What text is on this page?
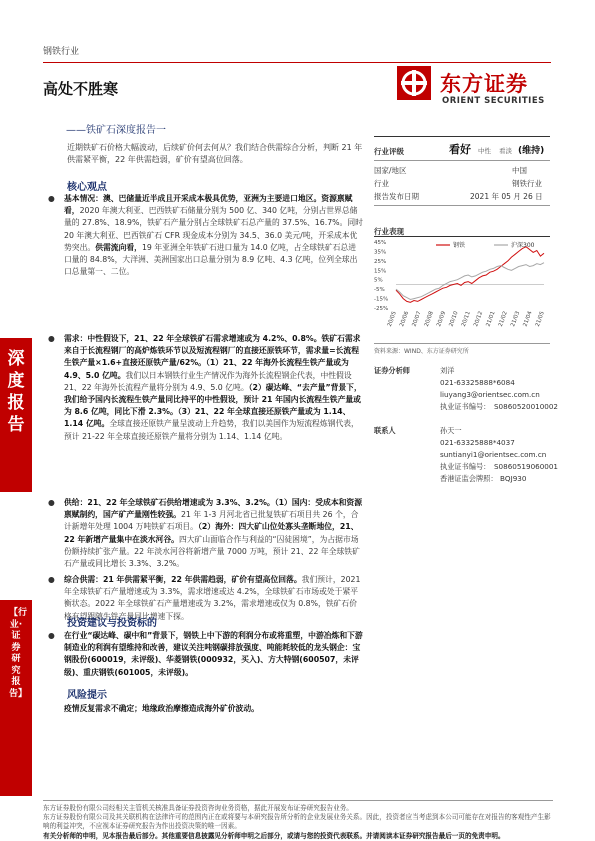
钢铁行业
高处不胜寒
——铁矿石深度报告一
近期铁矿石价格大幅波动，后续矿价何去何从？我们结合供需综合分析，判断 21 年供需紧平衡，22 年供需趋弱，矿价有望高位回落。
东方证券
ORIENT SECURITIES
行业评级	看好 中性 看淡 (维持)
国家/地区	中国
行业	钢铁行业
报告发布日期	2021 年 05 月 26 日
行业表现
45%
35%
25%
15%
5%
-5%
-15%
-25%
20/05 20/06 20/07 20/08 20/09 20/10 20/11 20/12 21/01 21/02 21/03 21/04 21/05
钢铁	沪深300
资料来源：WIND、东方证券研究所
证券分析师	刘洋
021-63325888*6084
liuyang3@orientsec.com.cn
执业证书编号： S0860520010002
联系人	孙天一
021-63325888*4037
suntianyi1@orientsec.com.cn
执业证书编号： S0860519060001
香港证监会牌照： BQJ930
核心观点
● 基本情况：澳、巴储量近半成且开采成本极具优势，亚洲为主要进口地区。资源禀赋看，2020 年澳大利亚、巴西铁矿石储量分别为 500 亿、340 亿吨，分别占世界总储量的 27.8%、18.9%，铁矿石产量分别占全球铁矿石总产量的 37.5%、16.7%。同时 20 年澳大利亚、巴西铁矿石 CFR 现金成本分别为 34.5、36.0 美元/吨，开采成本优势突出。供需流向看，19 年亚洲全年铁矿石进口量为 14.0 亿吨，占全球铁矿石总进口量的 84.8%，大洋洲、美洲国家出口总量分别为 8.9 亿吨、4.3 亿吨，位列全球出口总量第一、二位。
● 需求：中性假设下，21、22 年全球铁矿石需求增速或为 4.2%、0.8%。铁矿石需求来自于长流程钢厂的高炉炼铁环节以及短流程钢厂的直接还原铁环节，需求量=长流程生铁产量×1.6+直接还原铁产量/62%。（1）21、22 年海外长流程生铁产量或为 4.9、5.0 亿吨。我们以日本钢铁行业生产情况作为海外长流程钢企代表，中性假设 21、22 年海外长流程产量将分别为 4.9、5.0 亿吨。（2）碳达峰、“去产量”背景下，我们给予国内长流程生铁产量同比持平的中性假设，预计 21 年国内长流程生铁产量或为 8.6 亿吨，同比下滑 2.3%。（3）21、22 年全球直接还原铁产量或为 1.14、1.14 亿吨。全球直接还原铁产量呈波动上升趋势，我们以美国作为短流程炼钢代表，预计 21-22 年全球直接还原铁产量将分别为 1.14、1.14 亿吨。
● 供给：21、22 年全球铁矿石供给增速或为 3.3%、3.2%。（1）国内：受成本和资源禀赋制约，国产矿产量刚性较强。21 年 1-3 月河北省已批复铁矿石项目共 26 个，合计新增年处理 1004 万吨铁矿石项目。（2）海外：四大矿山位处寡头垄断地位，21、22 年新增产量集中在淡水河谷。四大矿山面临合作与利益的“囚徒困境”，为占据市场份额持续扩张产量。22 年淡水河谷将新增产量 7000 万吨，预计 21、22 年全球铁矿石产量或同比增长 3.3%、3.2%。
● 综合供需：21 年供需紧平衡，22 年供需趋弱，矿价有望高位回落。我们预计，2021 年全球铁矿石产量增速或为 3.3%，需求增速或达 4.2%，全球铁矿石市场或处于紧平衡状态。2022 年全球铁矿石产量增速或为 3.2%，需求增速或仅为 0.8%，铁矿石价格有望跟随生铁产量同比增速下探。
投资建议与投资标的
● 在行业“碳达峰、碳中和”背景下，钢铁上中下游的利润分布或将重塑，中游冶炼和下游制造业的利润有望维持和改善，建议关注吨钢碳排放强度、吨能耗较低的龙头钢企：宝钢股份(600019，未评级)、华菱钢铁(000932，买入)、方大特钢(600507，未评级)、重庆钢铁(601005，未评级)。
风险提示
疫情反复需求不确定；地缘政治摩擦造成海外矿价波动。
深度报告
【行业·证券研究报告】
东方证券股份有限公司经相关主管机关核准具备证券投资咨询业务资格，据此开展发布证券研究报告业务。
东方证券股份有限公司及其关联机构在法律许可的范围内正在或将要与本研究报告所分析的企业发展业务关系。因此，投资者应当考虑到本公司可能存在对报告的客观性产生影响的利益冲突，不应视本证券研究报告为作出投资决策的唯一因素。
有关分析师的申明，见本报告最后部分。其他重要信息披露见分析师申明之后部分，或请与您的投资代表联系。并请阅读本证券研究报告最后一页的免责申明。
